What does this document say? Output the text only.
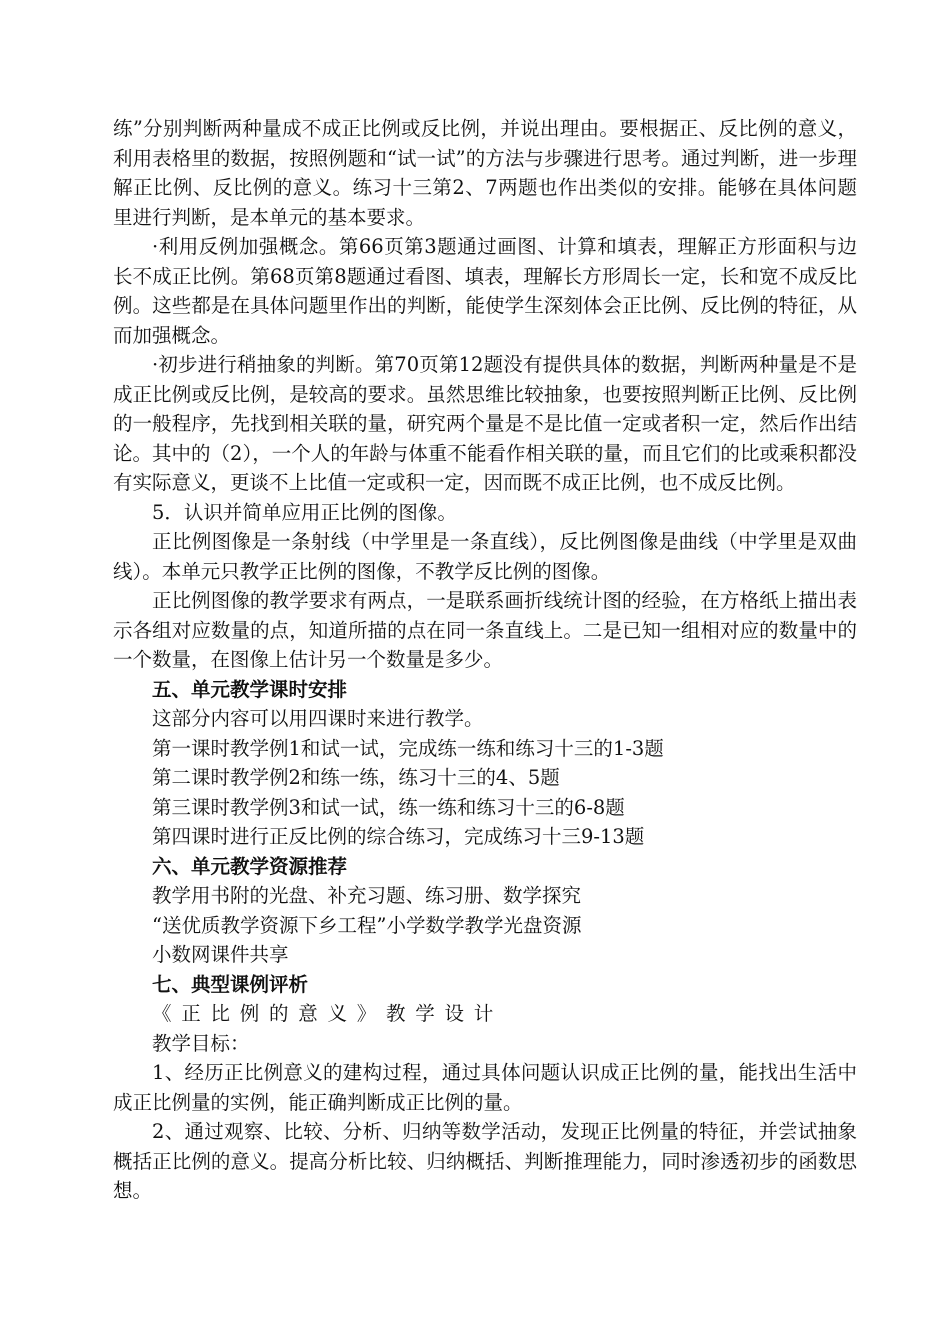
练”分别判断两种量成不成正比例或反比例，并说出理由。要根据正、反比例的意义，利用表格里的数据，按照例题和“试一试”的方法与步骤进行思考。通过判断，进一步理解正比例、反比例的意义。练习十三第2、7两题也作出类似的安排。能够在具体问题里进行判断，是本单元的基本要求。

·利用反例加强概念。第66页第3题通过画图、计算和填表，理解正方形面积与边长不成正比例。第68页第8题通过看图、填表，理解长方形周长一定，长和宽不成反比例。这些都是在具体问题里作出的判断，能使学生深刻体会正比例、反比例的特征，从而加强概念。

·初步进行稍抽象的判断。第70页第12题没有提供具体的数据，判断两种量是不是成正比例或反比例，是较高的要求。虽然思维比较抽象，也要按照判断正比例、反比例的一般程序，先找到相关联的量，研究两个量是不是比值一定或者积一定，然后作出结论。其中的（2），一个人的年龄与体重不能看作相关联的量，而且它们的比或乘积都没有实际意义，更谈不上比值一定或积一定，因而既不成正比例，也不成反比例。

5．认识并简单应用正比例的图像。

正比例图像是一条射线（中学里是一条直线），反比例图像是曲线（中学里是双曲线）。本单元只教学正比例的图像，不教学反比例的图像。

正比例图像的教学要求有两点，一是联系画折线统计图的经验，在方格纸上描出表示各组对应数量的点，知道所描的点在同一条直线上。二是已知一组相对应的数量中的一个数量，在图像上估计另一个数量是多少。

五、单元教学课时安排

这部分内容可以用四课时来进行教学。

第一课时教学例1和试一试，完成练一练和练习十三的1-3题

第二课时教学例2和练一练，练习十三的4、5题

第三课时教学例3和试一试，练一练和练习十三的6-8题

第四课时进行正反比例的综合练习，完成练习十三9-13题

六、单元教学资源推荐

教学用书附的光盘、补充习题、练习册、数学探究

“送优质教学资源下乡工程”小学数学教学光盘资源

小数网课件共享

七、典型课例评析

《正比例的意义》教学设计

教学目标：

1、经历正比例意义的建构过程，通过具体问题认识成正比例的量，能找出生活中成正比例量的实例，能正确判断成正比例的量。

2、通过观察、比较、分析、归纳等数学活动，发现正比例量的特征，并尝试抽象概括正比例的意义。提高分析比较、归纳概括、判断推理能力，同时渗透初步的函数思想。
